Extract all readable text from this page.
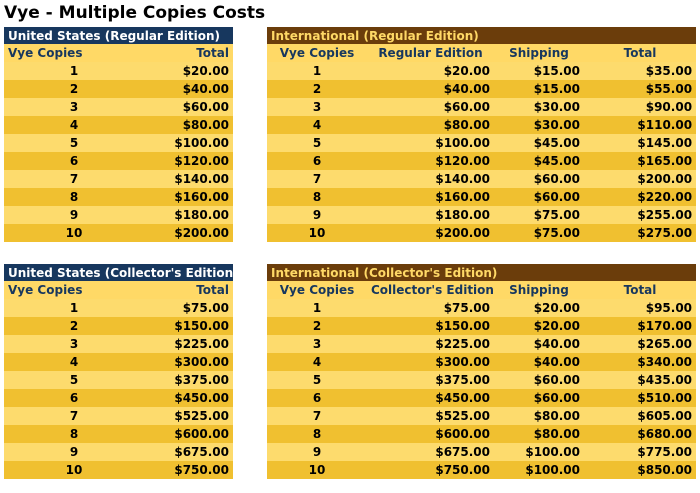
Vye - Multiple Copies Costs
United States (Regular Edition)	
Vye Copies	Total
1	$20.00
2	$40.00
3	$60.00
4	$80.00
5	$100.00
6	$120.00
7	$140.00
8	$160.00
9	$180.00
10	$200.00
International (Regular Edition)			
Vye Copies	Regular Edition	Shipping	Total
1	$20.00	$15.00	$35.00
2	$40.00	$15.00	$55.00
3	$60.00	$30.00	$90.00
4	$80.00	$30.00	$110.00
5	$100.00	$45.00	$145.00
6	$120.00	$45.00	$165.00
7	$140.00	$60.00	$200.00
8	$160.00	$60.00	$220.00
9	$180.00	$75.00	$255.00
10	$200.00	$75.00	$275.00
United States (Collector's Edition)	
Vye Copies	Total
1	$75.00
2	$150.00
3	$225.00
4	$300.00
5	$375.00
6	$450.00
7	$525.00
8	$600.00
9	$675.00
10	$750.00
International (Collector's Edition)			
Vye Copies	Collector's Edition	Shipping	Total
1	$75.00	$20.00	$95.00
2	$150.00	$20.00	$170.00
3	$225.00	$40.00	$265.00
4	$300.00	$40.00	$340.00
5	$375.00	$60.00	$435.00
6	$450.00	$60.00	$510.00
7	$525.00	$80.00	$605.00
8	$600.00	$80.00	$680.00
9	$675.00	$100.00	$775.00
10	$750.00	$100.00	$850.00
